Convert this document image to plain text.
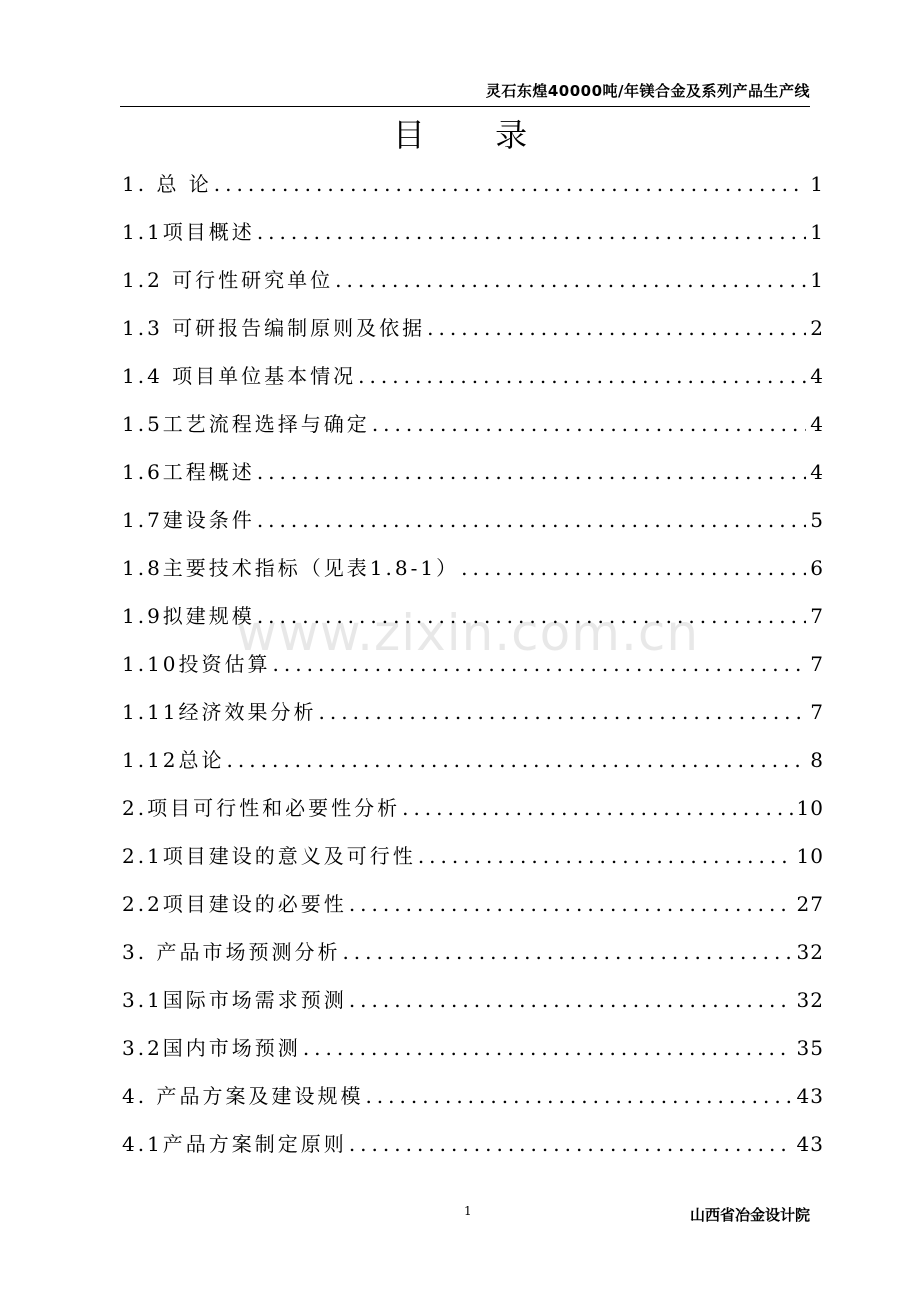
灵石东煌40000吨/年镁合金及系列产品生产线
目 录
1. 总 论 .....	1
1.1项目概述 .....	1
1.2 可行性研究单位 .....	1
1.3 可研报告编制原则及依据 .....	2
1.4 项目单位基本情况 .....	4
1.5工艺流程选择与确定 .....	4
1.6工程概述 .....	4
1.7建设条件 .....	5
1.8主要技术指标（见表1.8-1） .....	6
1.9拟建规模 .....	7
1.10投资估算 .....	7
1.11经济效果分析 .....	7
1.12总论 .....	8
2.项目可行性和必要性分析 .....	10
2.1项目建设的意义及可行性 .....	10
2.2项目建设的必要性 .....	27
3. 产品市场预测分析 .....	32
3.1国际市场需求预测 .....	32
3.2国内市场预测 .....	35
4. 产品方案及建设规模 .....	43
4.1产品方案制定原则 .....	43
www.zixin.com.cn
1	山西省冶金设计院
